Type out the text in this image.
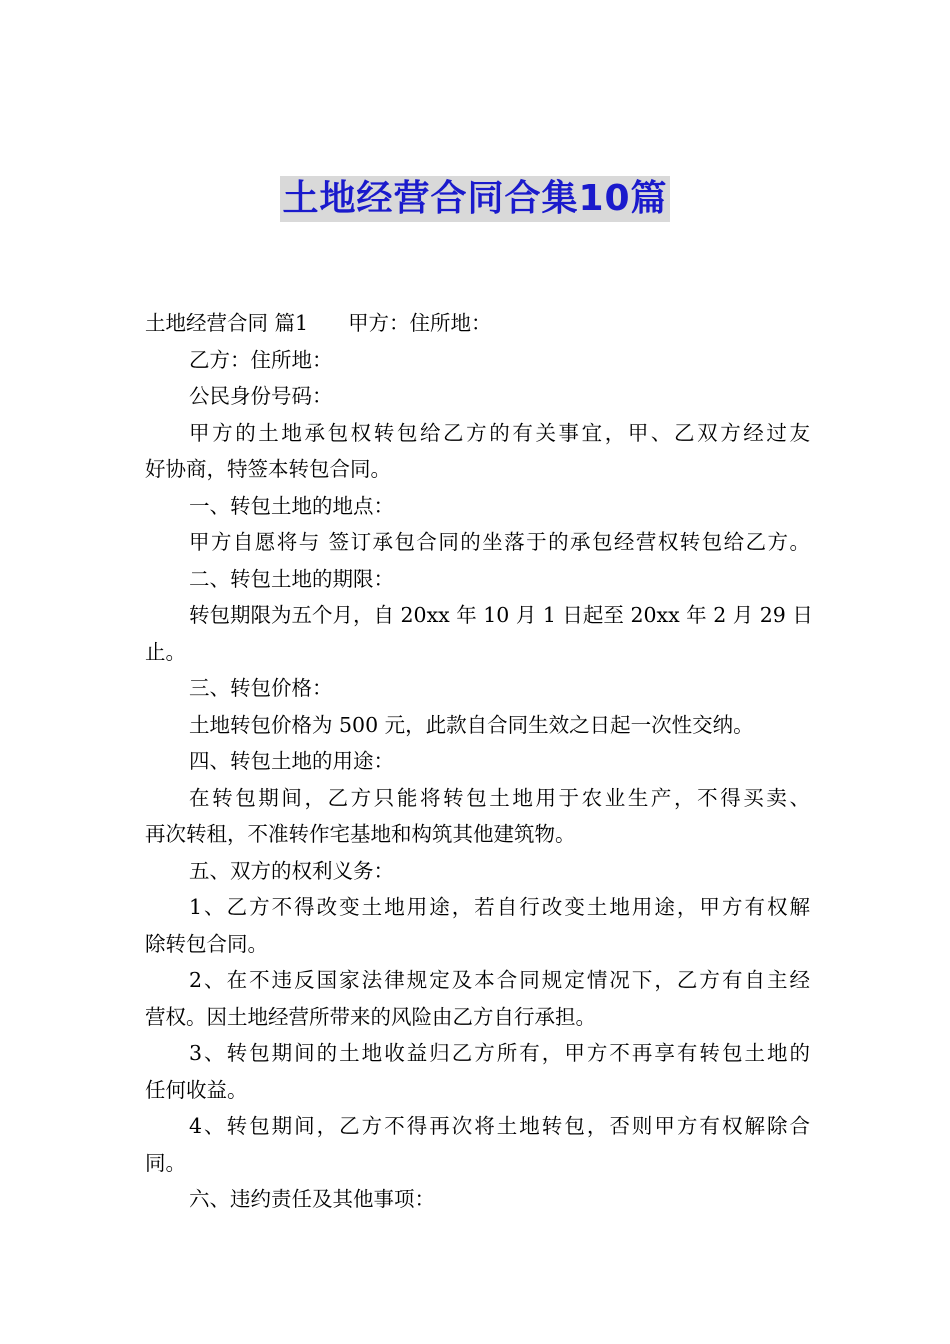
土地经营合同合集10篇
土地经营合同 篇1 甲方：住所地：
乙方：住所地：
公民身份号码：
甲方的土地承包权转包给乙方的有关事宜，甲、乙双方经过友
好协商，特签本转包合同。
一、转包土地的地点：
甲方自愿将与 签订承包合同的坐落于的承包经营权转包给乙方。
二、转包土地的期限：
转包期限为五个月，自 20xx 年 10 月 1 日起至 20xx 年 2 月 29 日
止。
三、转包价格：
土地转包价格为 500 元，此款自合同生效之日起一次性交纳。
四、转包土地的用途：
在转包期间，乙方只能将转包土地用于农业生产，不得买卖、
再次转租，不准转作宅基地和构筑其他建筑物。
五、双方的权利义务：
1、乙方不得改变土地用途，若自行改变土地用途，甲方有权解
除转包合同。
2、在不违反国家法律规定及本合同规定情况下，乙方有自主经
营权。因土地经营所带来的风险由乙方自行承担。
3、转包期间的土地收益归乙方所有，甲方不再享有转包土地的
任何收益。
4、转包期间，乙方不得再次将土地转包，否则甲方有权解除合
同。
六、违约责任及其他事项：
